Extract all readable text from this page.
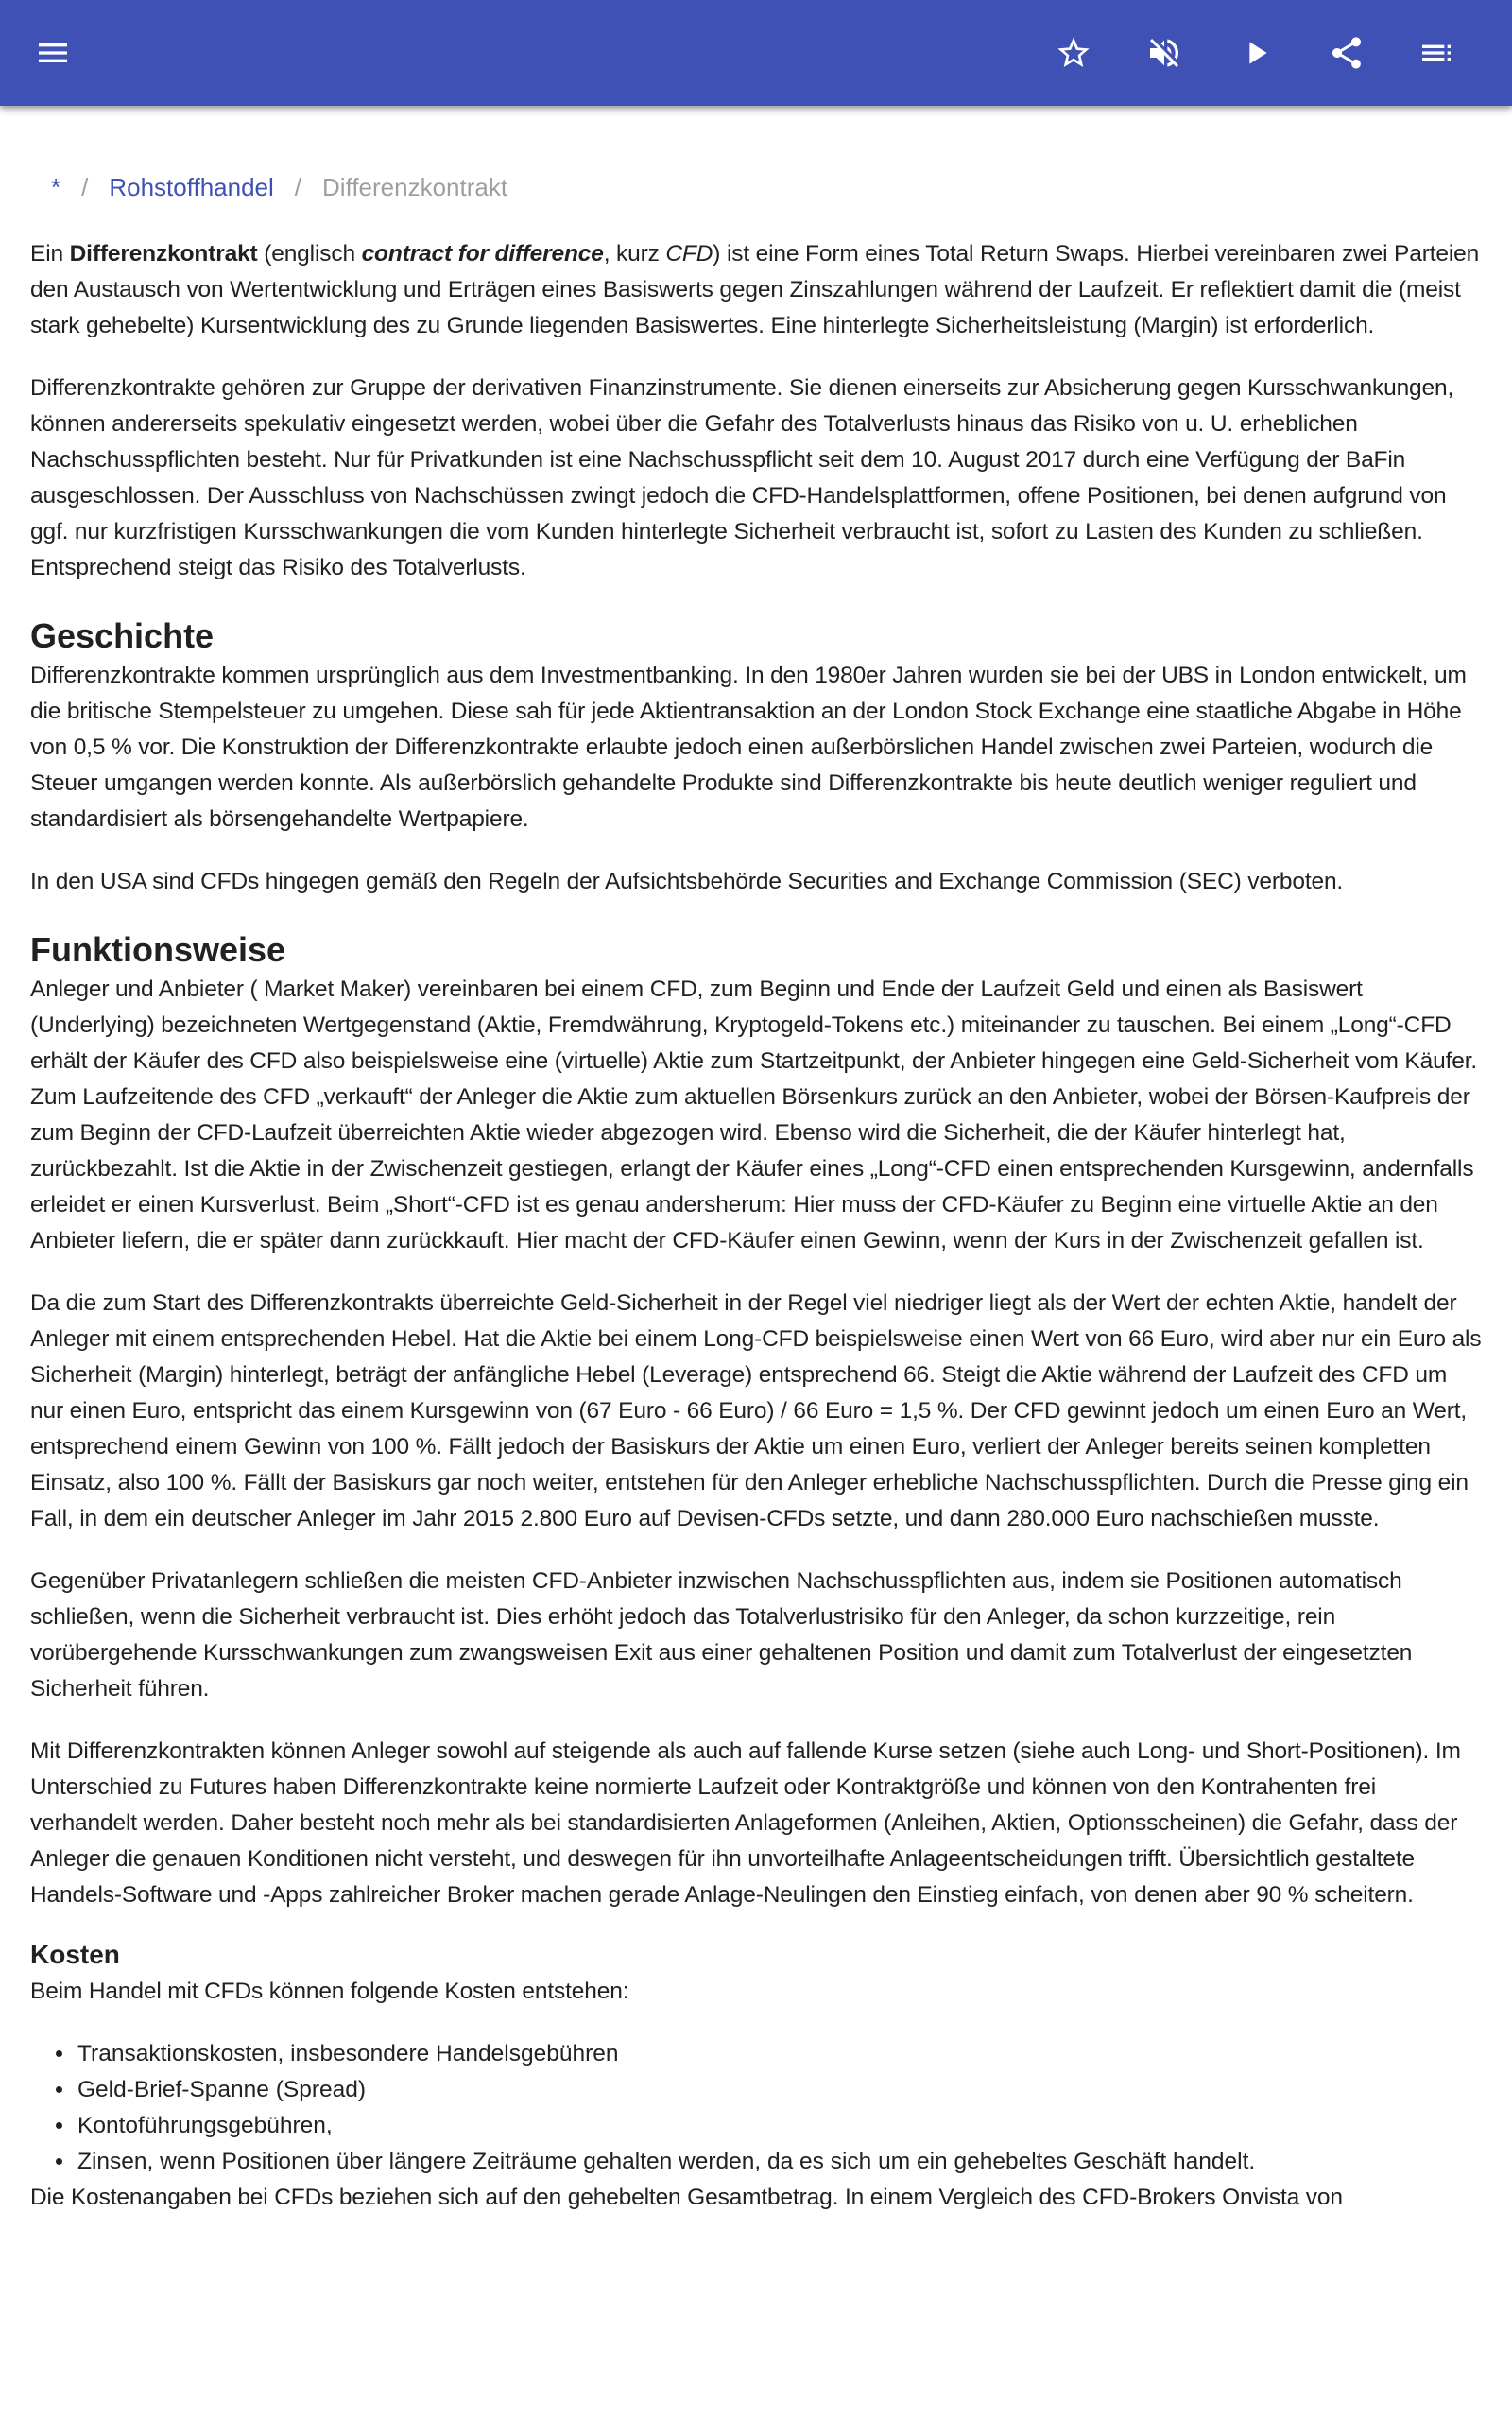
* / Rohstoffhandel / Differenzkontrakt

Ein Differenzkontrakt (englisch contract for difference, kurz CFD) ist eine Form eines Total Return Swaps. Hierbei vereinbaren zwei Parteien den Austausch von Wertentwicklung und Erträgen eines Basiswerts gegen Zinszahlungen während der Laufzeit. Er reflektiert damit die (meist stark gehebelte) Kursentwicklung des zu Grunde liegenden Basiswertes. Eine hinterlegte Sicherheitsleistung (Margin) ist erforderlich.

Differenzkontrakte gehören zur Gruppe der derivativen Finanzinstrumente. Sie dienen einerseits zur Absicherung gegen Kursschwankungen, können andererseits spekulativ eingesetzt werden, wobei über die Gefahr des Totalverlusts hinaus das Risiko von u. U. erheblichen Nachschusspflichten besteht. Nur für Privatkunden ist eine Nachschusspflicht seit dem 10. August 2017 durch eine Verfügung der BaFin ausgeschlossen. Der Ausschluss von Nachschüssen zwingt jedoch die CFD-Handelsplattformen, offene Positionen, bei denen aufgrund von ggf. nur kurzfristigen Kursschwankungen die vom Kunden hinterlegte Sicherheit verbraucht ist, sofort zu Lasten des Kunden zu schließen. Entsprechend steigt das Risiko des Totalverlusts.

Geschichte

Differenzkontrakte kommen ursprünglich aus dem Investmentbanking. In den 1980er Jahren wurden sie bei der UBS in London entwickelt, um die britische Stempelsteuer zu umgehen. Diese sah für jede Aktientransaktion an der London Stock Exchange eine staatliche Abgabe in Höhe von 0,5 % vor. Die Konstruktion der Differenzkontrakte erlaubte jedoch einen außerbörslichen Handel zwischen zwei Parteien, wodurch die Steuer umgangen werden konnte. Als außerbörslich gehandelte Produkte sind Differenzkontrakte bis heute deutlich weniger reguliert und standardisiert als börsengehandelte Wertpapiere.

In den USA sind CFDs hingegen gemäß den Regeln der Aufsichtsbehörde Securities and Exchange Commission (SEC) verboten.

Funktionsweise

Anleger und Anbieter ( Market Maker) vereinbaren bei einem CFD, zum Beginn und Ende der Laufzeit Geld und einen als Basiswert (Underlying) bezeichneten Wertgegenstand (Aktie, Fremdwährung, Kryptogeld-Tokens etc.) miteinander zu tauschen. Bei einem „Long“-CFD erhält der Käufer des CFD also beispielsweise eine (virtuelle) Aktie zum Startzeitpunkt, der Anbieter hingegen eine Geld-Sicherheit vom Käufer. Zum Laufzeitende des CFD „verkauft“ der Anleger die Aktie zum aktuellen Börsenkurs zurück an den Anbieter, wobei der Börsen-Kaufpreis der zum Beginn der CFD-Laufzeit überreichten Aktie wieder abgezogen wird. Ebenso wird die Sicherheit, die der Käufer hinterlegt hat, zurückbezahlt. Ist die Aktie in der Zwischenzeit gestiegen, erlangt der Käufer eines „Long“-CFD einen entsprechenden Kursgewinn, andernfalls erleidet er einen Kursverlust. Beim „Short“-CFD ist es genau andersherum: Hier muss der CFD-Käufer zu Beginn eine virtuelle Aktie an den Anbieter liefern, die er später dann zurückkauft. Hier macht der CFD-Käufer einen Gewinn, wenn der Kurs in der Zwischenzeit gefallen ist.

Da die zum Start des Differenzkontrakts überreichte Geld-Sicherheit in der Regel viel niedriger liegt als der Wert der echten Aktie, handelt der Anleger mit einem entsprechenden Hebel. Hat die Aktie bei einem Long-CFD beispielsweise einen Wert von 66 Euro, wird aber nur ein Euro als Sicherheit (Margin) hinterlegt, beträgt der anfängliche Hebel (Leverage) entsprechend 66. Steigt die Aktie während der Laufzeit des CFD um nur einen Euro, entspricht das einem Kursgewinn von (67 Euro - 66 Euro) / 66 Euro = 1,5 %. Der CFD gewinnt jedoch um einen Euro an Wert, entsprechend einem Gewinn von 100 %. Fällt jedoch der Basiskurs der Aktie um einen Euro, verliert der Anleger bereits seinen kompletten Einsatz, also 100 %. Fällt der Basiskurs gar noch weiter, entstehen für den Anleger erhebliche Nachschusspflichten. Durch die Presse ging ein Fall, in dem ein deutscher Anleger im Jahr 2015 2.800 Euro auf Devisen-CFDs setzte, und dann 280.000 Euro nachschießen musste.

Gegenüber Privatanlegern schließen die meisten CFD-Anbieter inzwischen Nachschusspflichten aus, indem sie Positionen automatisch schließen, wenn die Sicherheit verbraucht ist. Dies erhöht jedoch das Totalverlustrisiko für den Anleger, da schon kurzzeitige, rein vorübergehende Kursschwankungen zum zwangsweisen Exit aus einer gehaltenen Position und damit zum Totalverlust der eingesetzten Sicherheit führen.

Mit Differenzkontrakten können Anleger sowohl auf steigende als auch auf fallende Kurse setzen (siehe auch Long- und Short-Positionen). Im Unterschied zu Futures haben Differenzkontrakte keine normierte Laufzeit oder Kontraktgröße und können von den Kontrahenten frei verhandelt werden. Daher besteht noch mehr als bei standardisierten Anlageformen (Anleihen, Aktien, Optionsscheinen) die Gefahr, dass der Anleger die genauen Konditionen nicht versteht, und deswegen für ihn unvorteilhafte Anlageentscheidungen trifft. Übersichtlich gestaltete Handels-Software und -Apps zahlreicher Broker machen gerade Anlage-Neulingen den Einstieg einfach, von denen aber 90 % scheitern.

Kosten

Beim Handel mit CFDs können folgende Kosten entstehen:

• Transaktionskosten, insbesondere Handelsgebühren
• Geld-Brief-Spanne (Spread)
• Kontoführungsgebühren,
• Zinsen, wenn Positionen über längere Zeiträume gehalten werden, da es sich um ein gehebeltes Geschäft handelt.

Die Kostenangaben bei CFDs beziehen sich auf den gehebelten Gesamtbetrag. In einem Vergleich des CFD-Brokers Onvista von
